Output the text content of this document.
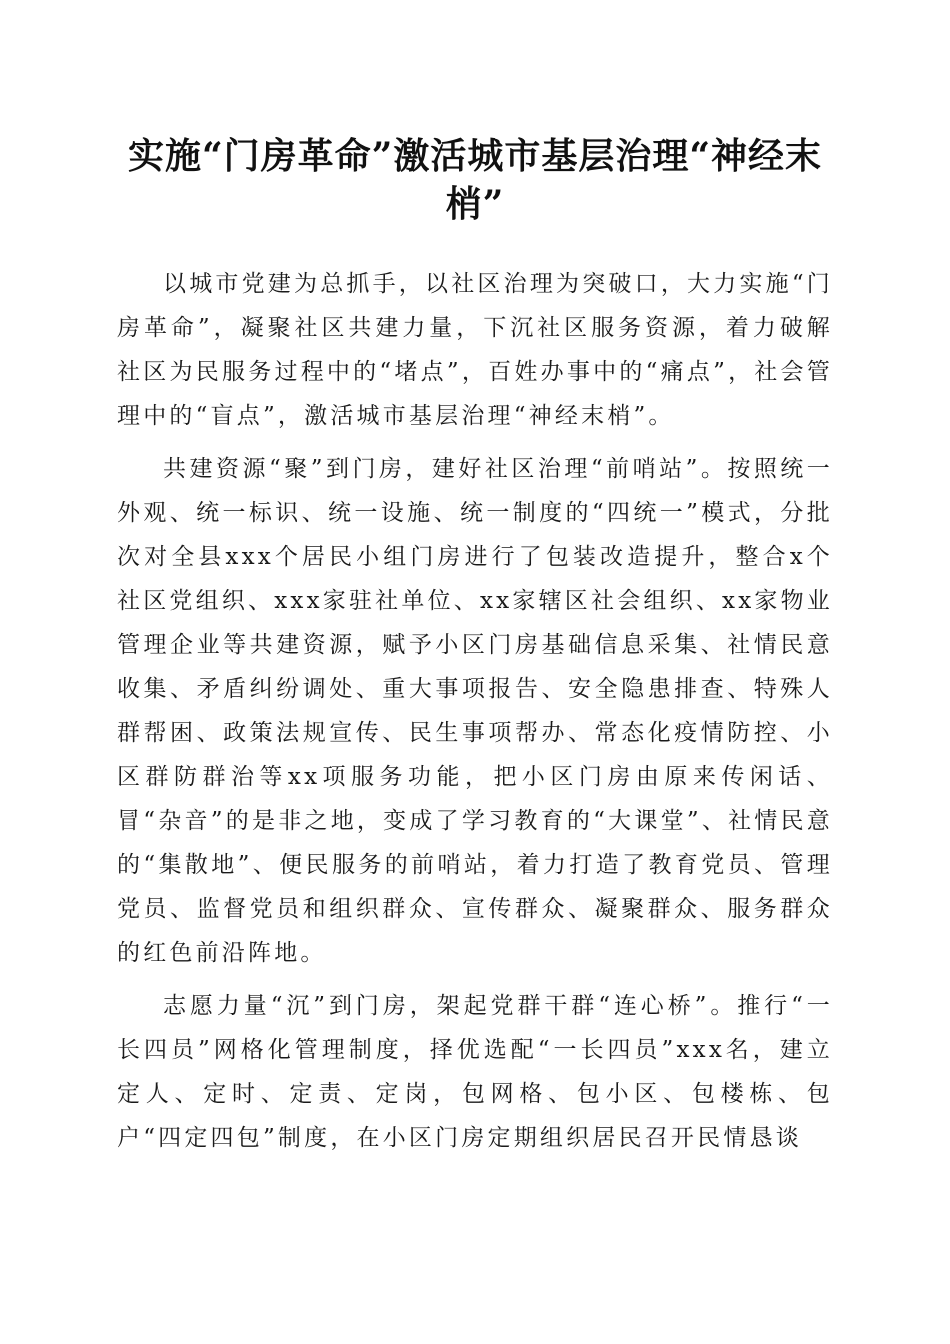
实施“门房革命”激活城市基层治理“神经末梢”

以城市党建为总抓手，以社区治理为突破口，大力实施“门房革命”，凝聚社区共建力量，下沉社区服务资源，着力破解社区为民服务过程中的“堵点”，百姓办事中的“痛点”，社会管理中的“盲点”，激活城市基层治理“神经末梢”。

共建资源“聚”到门房，建好社区治理“前哨站”。按照统一外观、统一标识、统一设施、统一制度的“四统一”模式，分批次对全县xxx个居民小组门房进行了包装改造提升，整合x个社区党组织、xxx家驻社单位、xx家辖区社会组织、xx家物业管理企业等共建资源，赋予小区门房基础信息采集、社情民意收集、矛盾纠纷调处、重大事项报告、安全隐患排查、特殊人群帮困、政策法规宣传、民生事项帮办、常态化疫情防控、小区群防群治等xx项服务功能，把小区门房由原来传闲话、冒“杂音”的是非之地，变成了学习教育的“大课堂”、社情民意的“集散地”、便民服务的前哨站，着力打造了教育党员、管理党员、监督党员和组织群众、宣传群众、凝聚群众、服务群众的红色前沿阵地。

志愿力量“沉”到门房，架起党群干群“连心桥”。推行“一长四员”网格化管理制度，择优选配“一长四员”xxx名，建立定人、定时、定责、定岗，包网格、包小区、包楼栋、包户“四定四包”制度，在小区门房定期组织居民召开民情恳谈
